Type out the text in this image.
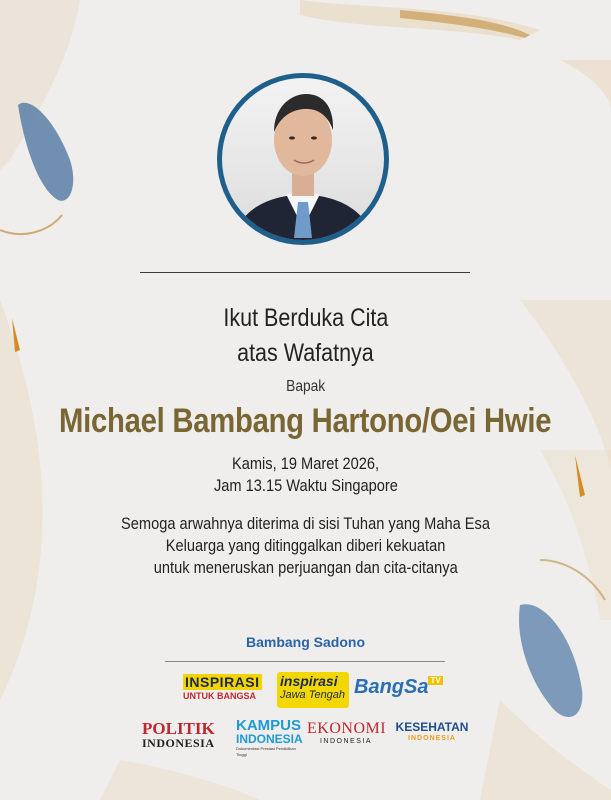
Ikut Berduka Cita
atas Wafatnya
Bapak
Michael Bambang Hartono/Oei Hwie
Kamis, 19 Maret 2026,
Jam 13.15 Waktu Singapore
Semoga arwahnya diterima di sisi Tuhan yang Maha Esa
Keluarga yang ditinggalkan diberi kekuatan
untuk meneruskan perjuangan dan cita-citanya
Bambang Sadono
INSPIRASI
UNTUK BANGSA
inspirasi
Jawa Tengah BangSa $^{TV}$
POLITIK
INDONESIA
KAMPUS
INDONESIA
Dokumentasi Prestasi Pendidikan Tinggi
EKONOMI
INDONESIA
KESEHATAN
INDONESIA
